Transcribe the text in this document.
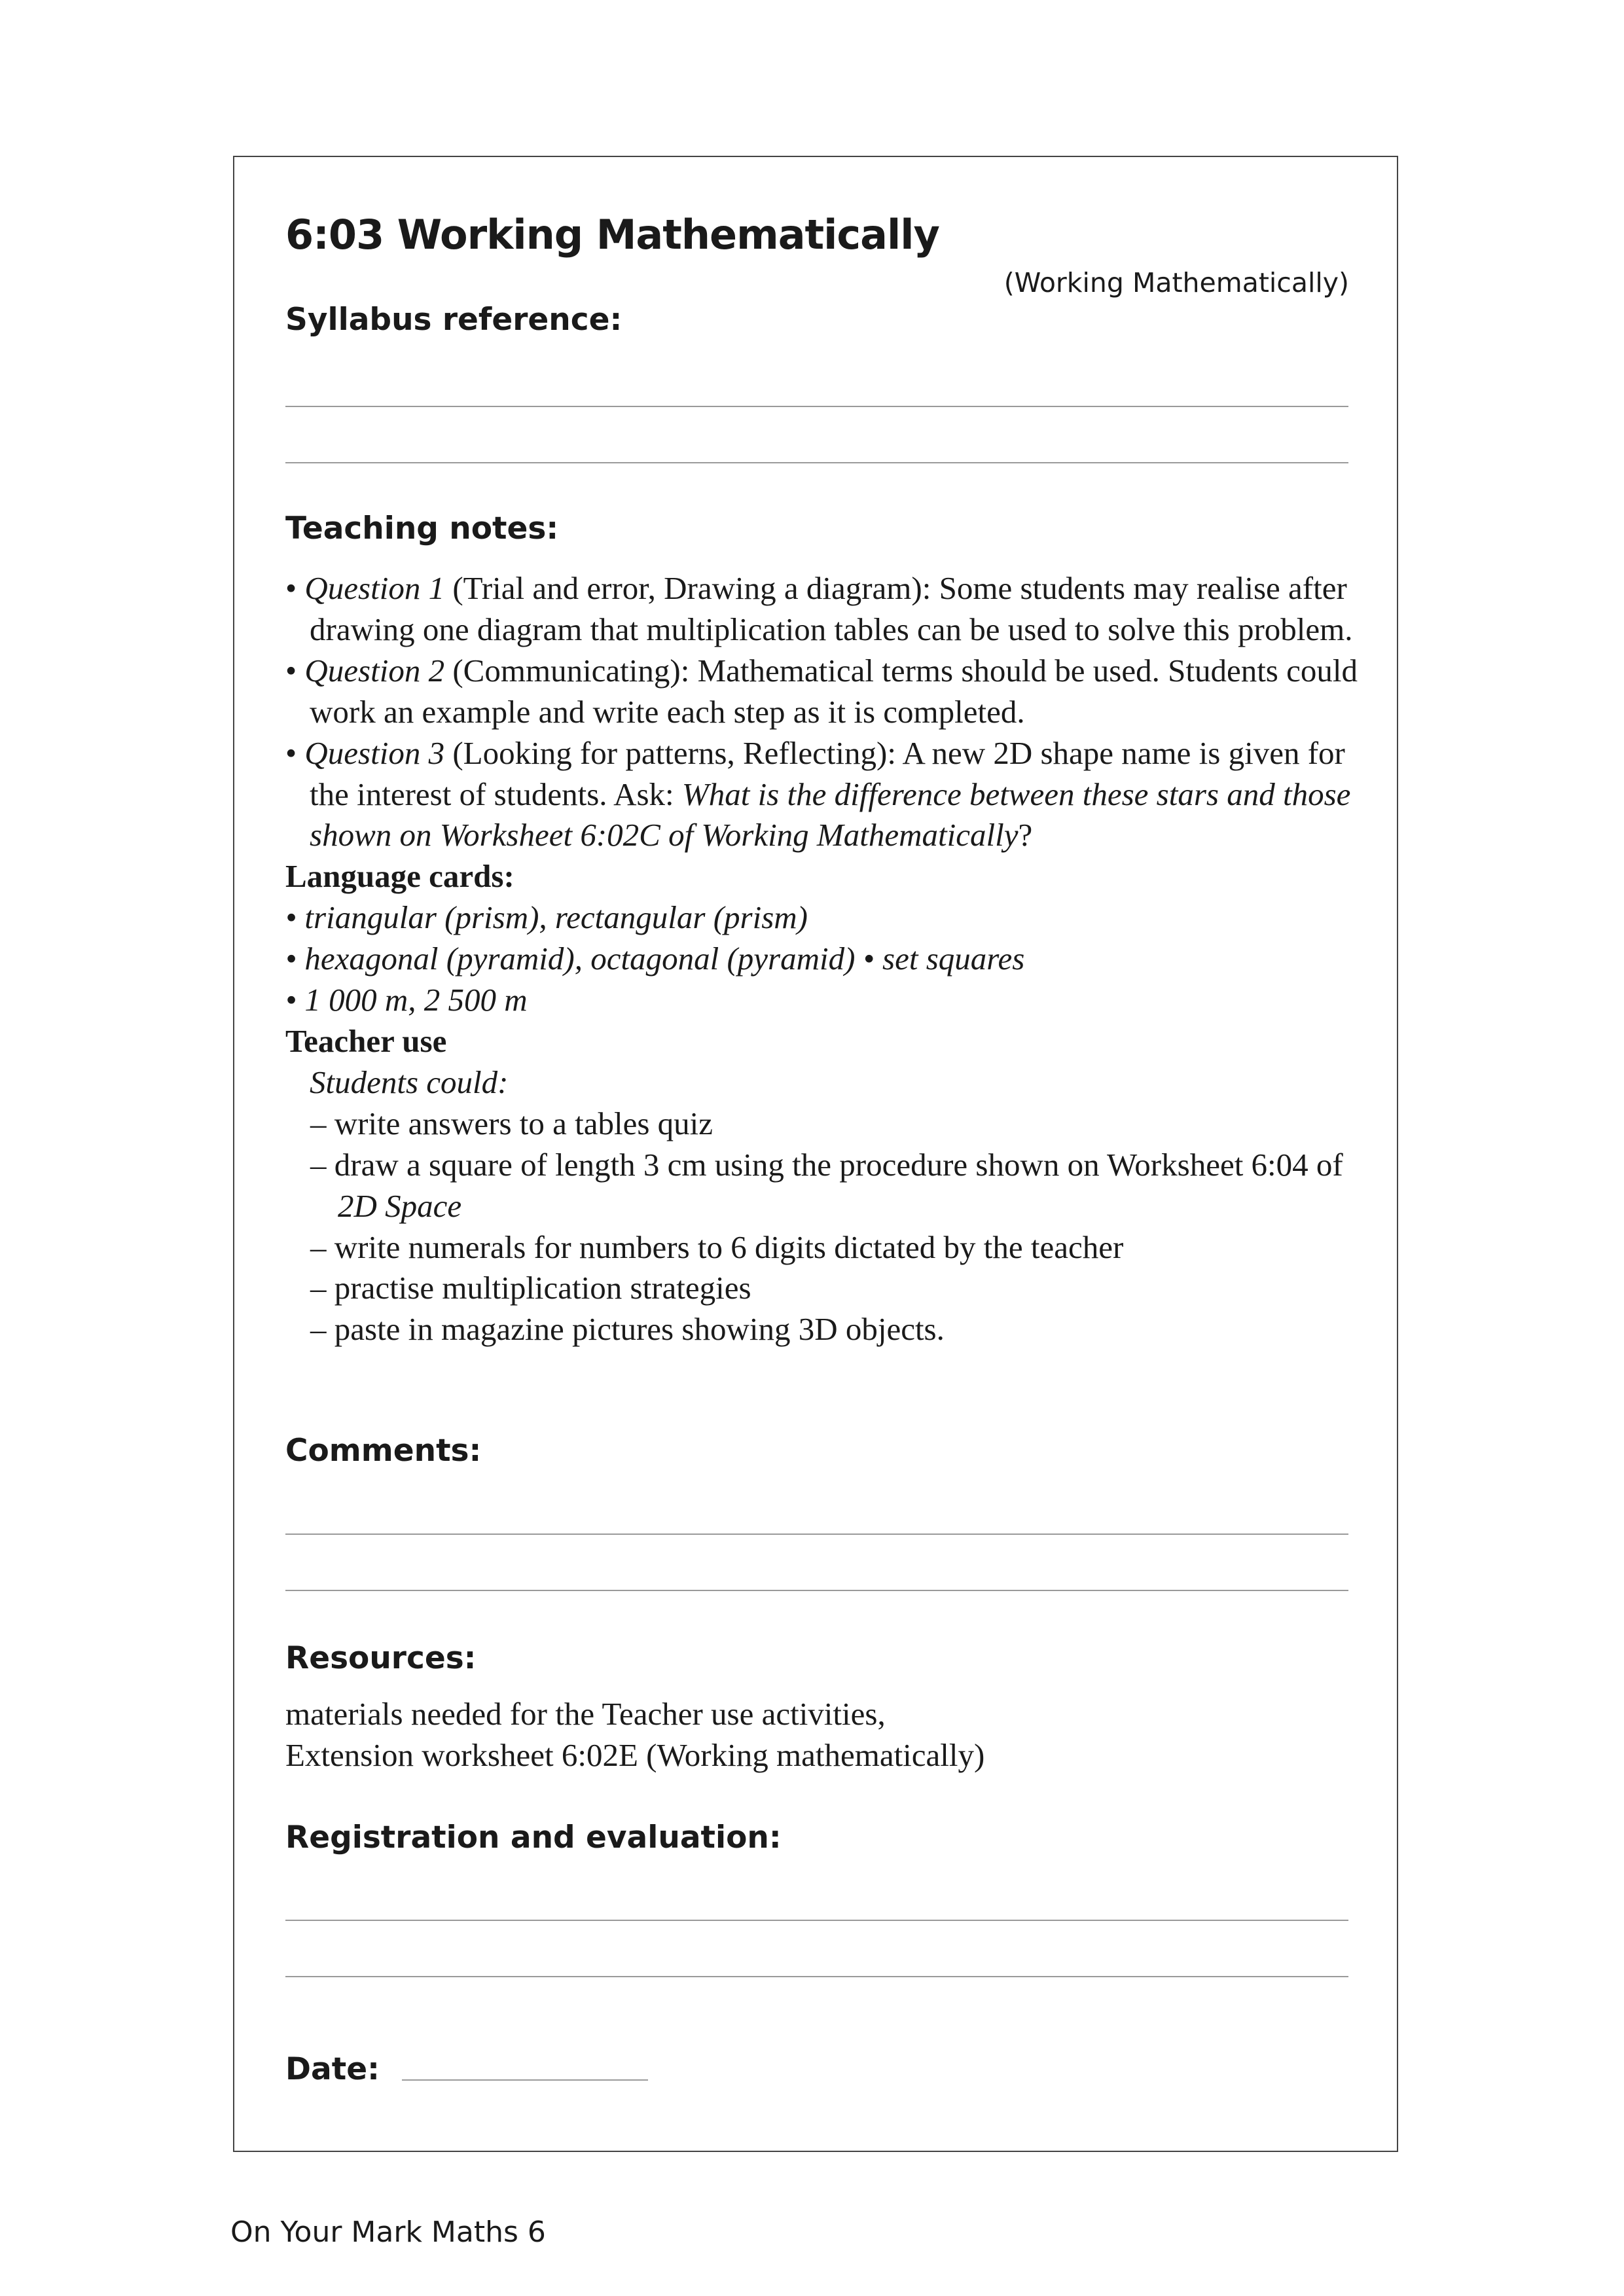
6:03 Working Mathematically
(Working Mathematically)
Syllabus reference:
Teaching notes:

• Question 1 (Trial and error, Drawing a diagram): Some students may realise after drawing one diagram that multiplication tables can be used to solve this problem.

• Question 2 (Communicating): Mathematical terms should be used. Students could work an example and write each step as it is completed.

• Question 3 (Looking for patterns, Reflecting): A new 2D shape name is given for the interest of students. Ask: What is the difference between these stars and those shown on Worksheet 6:02C of Working Mathematically?

Language cards:

• triangular (prism), rectangular (prism)

• hexagonal (pyramid), octagonal (pyramid) • set squares

• 1 000 m, 2 500 m

Teacher use

Students could:

– write answers to a tables quiz

– draw a square of length 3 cm using the procedure shown on Worksheet 6:04 of 2D Space

– write numerals for numbers to 6 digits dictated by the teacher

– practise multiplication strategies

– paste in magazine pictures showing 3D objects.

Comments:
Resources:
materials needed for the Teacher use activities,
Extension worksheet 6:02E (Working mathematically)
Registration and evaluation:
Date:
On Your Mark Maths 6
